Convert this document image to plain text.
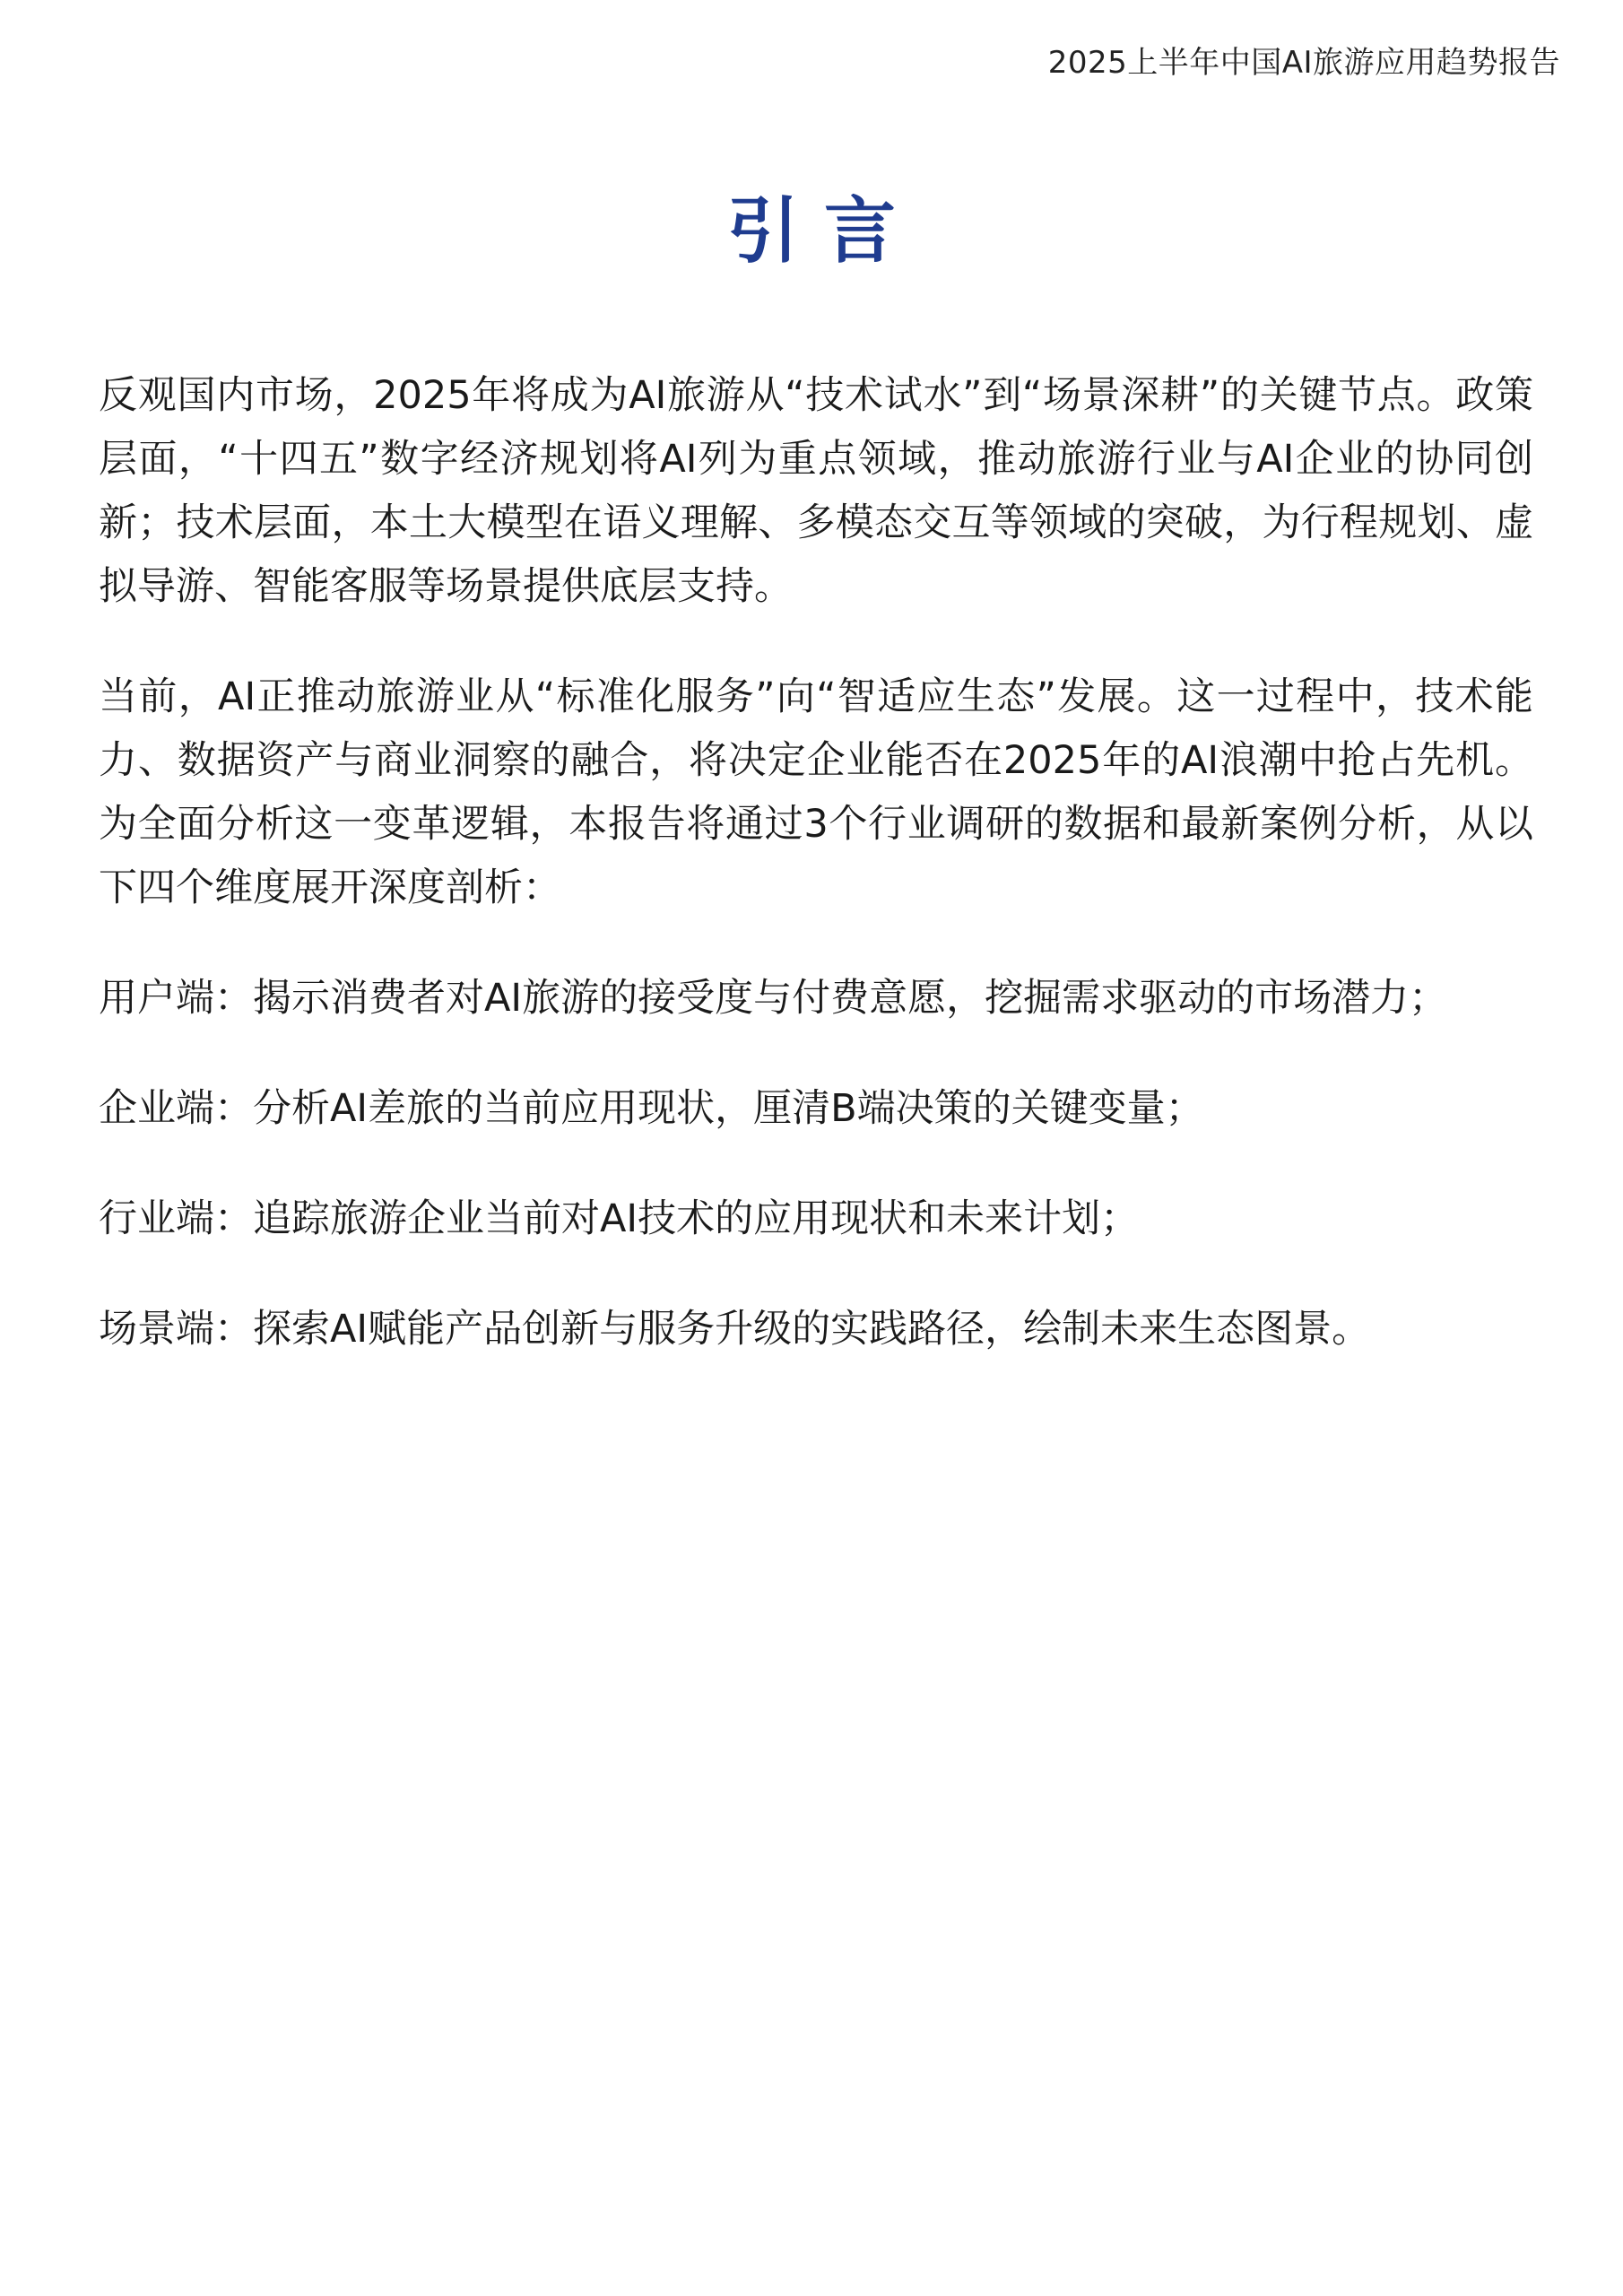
2025上半年中国AI旅游应用趋势报告
引言

反观国内市场，2025年将成为AI旅游从“技术试水”到“场景深耕”的关键节点。政策层面，“十四五”数字经济规划将AI列为重点领域，推动旅游行业与AI企业的协同创新；技术层面，本土大模型在语义理解、多模态交互等领域的突破，为行程规划、虚拟导游、智能客服等场景提供底层支持。

当前，AI正推动旅游业从“标准化服务”向“智适应生态”发展。这一过程中，技术能力、数据资产与商业洞察的融合，将决定企业能否在2025年的AI浪潮中抢占先机。为全面分析这一变革逻辑，本报告将通过3个行业调研的数据和最新案例分析，从以下四个维度展开深度剖析：

用户端：揭示消费者对AI旅游的接受度与付费意愿，挖掘需求驱动的市场潜力；

企业端：分析AI差旅的当前应用现状，厘清B端决策的关键变量；

行业端：追踪旅游企业当前对AI技术的应用现状和未来计划；

场景端：探索AI赋能产品创新与服务升级的实践路径，绘制未来生态图景。
